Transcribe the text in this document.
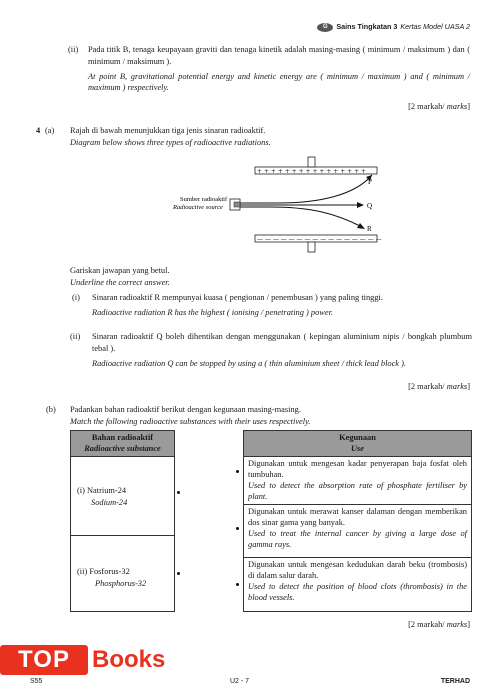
G	Sains Tingkatan 3 Kertas Model UASA 2
(ii) Pada titik B, tenaga keupayaan graviti dan tenaga kinetik adalah masing-masing ( minimum / maksimum ) dan ( minimum / maksimum ).
At point B, gravitational potential energy and kinetic energy are ( minimum / maximum ) and ( minimum / maximum ) respectively.
[2 markah/ marks]
4 (a) Rajah di bawah menunjukkan tiga jenis sinaran radioaktif.
Diagram below shows three types of radioactive radiations.
+ + + + + + + + + + + + + + + +
— — — — — — — — — — — — — — — —
P
Q
R
Sumber radioaktif
Radioactive source
Gariskan jawapan yang betul.
Underline the correct answer.
(i) Sinaran radioaktif R mempunyai kuasa ( pengionan / penembusan ) yang paling tinggi.
Radioactive radiation R has the highest ( ionising / penetrating ) power.
(ii) Sinaran radioaktif Q boleh dihentikan dengan menggunakan ( kepingan aluminium nipis / bongkah plumbum tebal ).
Radioactive radiation Q can be stopped by using a ( thin aluminium sheet / thick lead block ).
[2 markah/ marks]
(b) Padankan bahan radioaktif berikut dengan kegunaan masing-masing.
Match the following radioactive substances with their uses respectively.
Bahan radioaktif
Radioactive substance
(i) Natrium-24
Sodium-24
(ii) Fosforus-32
Phosphorus-32
Kegunaan
Use
Digunakan untuk mengesan kadar penyerapan baja fosfat oleh tumbuhan.
Used to detect the absorption rate of phosphate fertiliser by plant.
Digunakan untuk merawat kanser dalaman dengan memberikan dos sinar gama yang banyak.
Used to treat the internal cancer by giving a large dose of gamma rays.
Digunakan untuk mengesan kedudukan darah beku (trombosis) di dalam salur darah.
Used to detect the position of blood clots (thrombosis) in the blood vessels.
[2 markah/ marks]
TOP Books
S55	U2 - 7	TERHAD
